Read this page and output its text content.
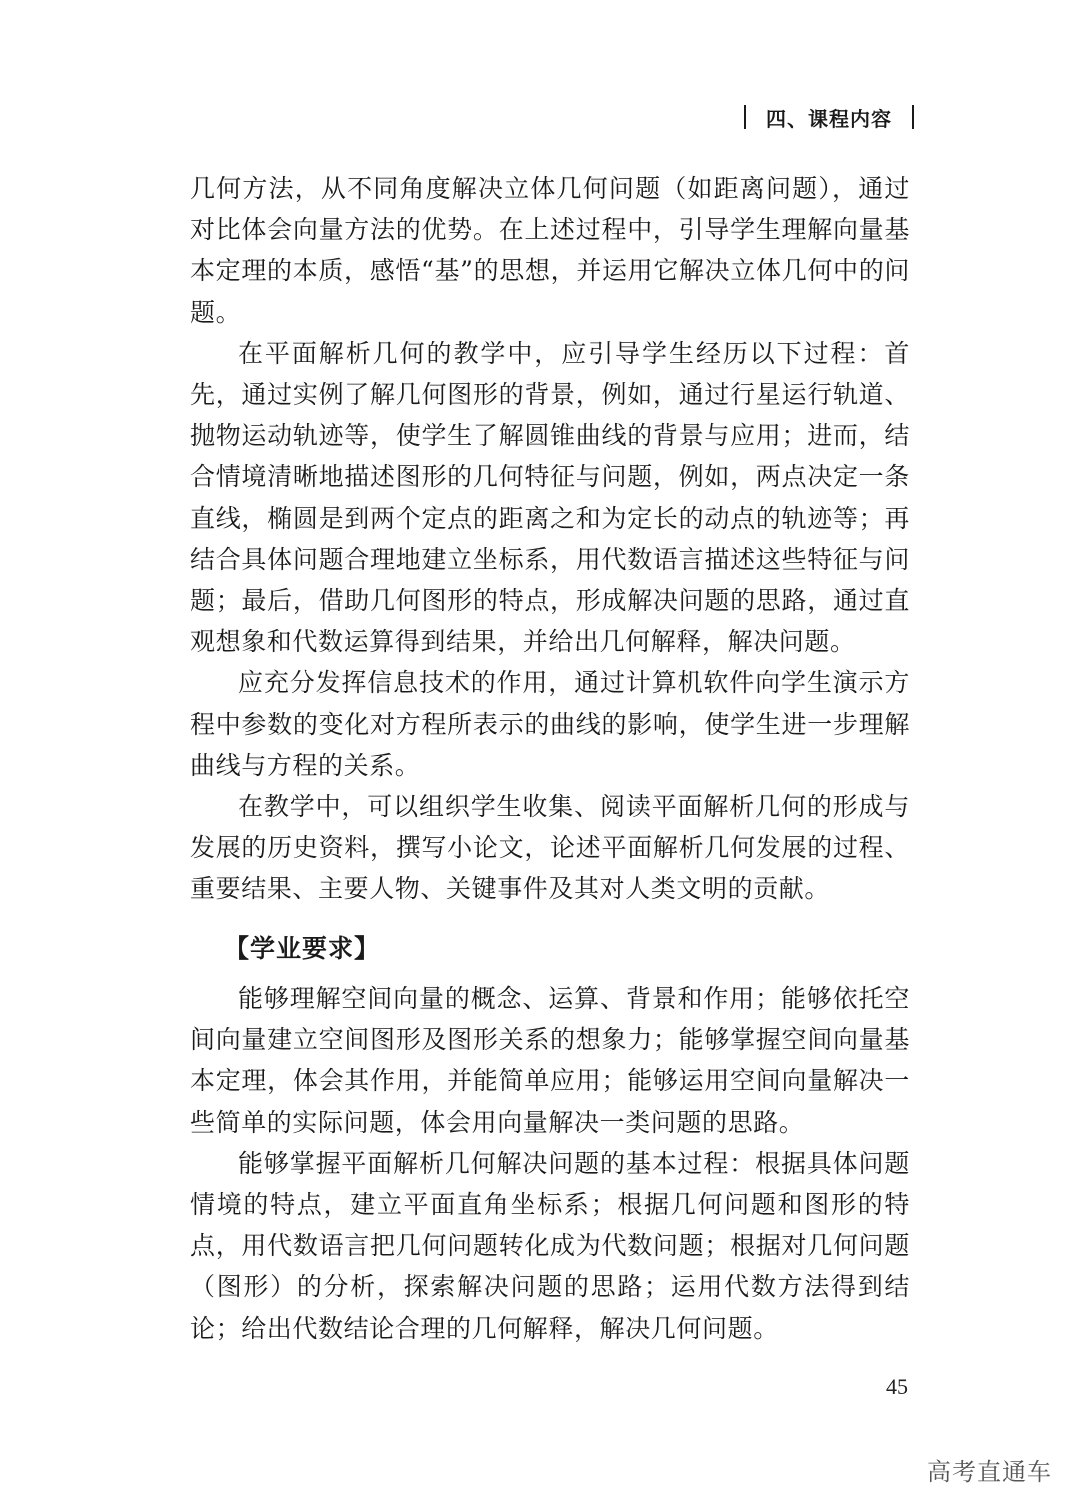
四、课程内容

几何方法，从不同角度解决立体几何问题（如距离问题），通过对比体会向量方法的优势。在上述过程中，引导学生理解向量基本定理的本质，感悟“基”的思想，并运用它解决立体几何中的问题。

在平面解析几何的教学中，应引导学生经历以下过程：首先，通过实例了解几何图形的背景，例如，通过行星运行轨道、抛物运动轨迹等，使学生了解圆锥曲线的背景与应用；进而，结合情境清晰地描述图形的几何特征与问题，例如，两点决定一条直线，椭圆是到两个定点的距离之和为定长的动点的轨迹等；再结合具体问题合理地建立坐标系，用代数语言描述这些特征与问题；最后，借助几何图形的特点，形成解决问题的思路，通过直观想象和代数运算得到结果，并给出几何解释，解决问题。

应充分发挥信息技术的作用，通过计算机软件向学生演示方程中参数的变化对方程所表示的曲线的影响，使学生进一步理解曲线与方程的关系。

在教学中，可以组织学生收集、阅读平面解析几何的形成与发展的历史资料，撰写小论文，论述平面解析几何发展的过程、重要结果、主要人物、关键事件及其对人类文明的贡献。

【学业要求】

能够理解空间向量的概念、运算、背景和作用；能够依托空间向量建立空间图形及图形关系的想象力；能够掌握空间向量基本定理，体会其作用，并能简单应用；能够运用空间向量解决一些简单的实际问题，体会用向量解决一类问题的思路。

能够掌握平面解析几何解决问题的基本过程：根据具体问题情境的特点，建立平面直角坐标系；根据几何问题和图形的特点，用代数语言把几何问题转化成为代数问题；根据对几何问题（图形）的分析，探索解决问题的思路；运用代数方法得到结论；给出代数结论合理的几何解释，解决几何问题。

45
高考直通车
